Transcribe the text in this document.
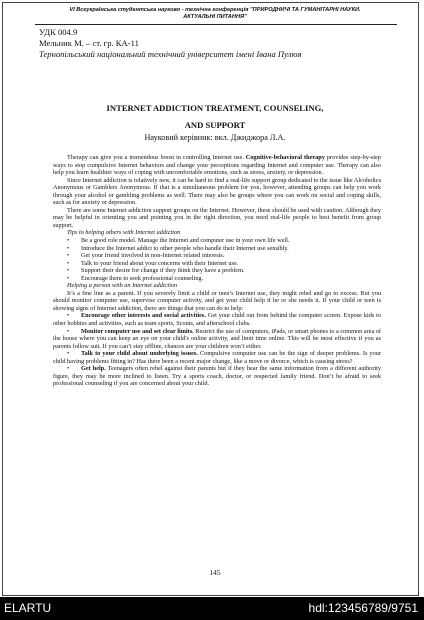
VI Всеукраїнська студентська науково - технічна конференція "ПРИРОДНИЧІ ТА ГУМАНІТАРНІ НАУКИ.
АКТУАЛЬНІ ПИТАННЯ"
УДК 004.9
Мельник М. – ст. гр. КА-11
Тернопільський національний технічний університет імені Івана Пулюя
INTERNET ADDICTION TREATMENT, COUNSELING,
AND SUPPORT
Науковий керівник: вкл. Джиджора Л.А.

Therapy can give you a tremendous boost in controlling Internet use. Cognitive-behavioral therapy provides step-by-step ways to stop compulsive Internet behaviors and change your perceptions regarding Internet and computer use. Therapy can also help you learn healthier ways of coping with uncomfortable emotions, such as stress, anxiety, or depression.

Since Internet addiction is relatively new, it can be hard to find a real-life support group dedicated to the issue like Alcoholics Anonymous or Gamblers Anonymous. If that is a simultaneous problem for you, however, attending groups can help you work through your alcohol or gambling problems as well. There may also be groups where you can work on social and coping skills, such as for anxiety or depression.

There are some Internet addiction support groups on the Internet. However, these should be used with caution. Although they may be helpful in orienting you and pointing you in the right direction, you need real-life people to best benefit from group support.

Tips to helping others with Internet addiction
• Be a good role model. Manage the Internet and computer use in your own life well.
• Introduce the Internet addict to other people who handle their Internet use sensibly.
• Get your friend involved in non-Internet related interests.
• Talk to your friend about your concerns with their Internet use.
• Support their desire for change if they think they have a problem.
• Encourage them to seek professional counseling.
Helping a person with an Internet addiction

It’s a fine line as a parent. If you severely limit a child or teen’s Internet use, they might rebel and go to excess. But you should monitor computer use, supervise computer activity, and get your child help if he or she needs it. If your child or teen is showing signs of Internet addiction, there are things that you can do to help:

• Encourage other interests and social activities. Get your child out from behind the computer screen. Expose kids to other hobbies and activities, such as team sports, Scouts, and afterschool clubs.
• Monitor computer use and set clear limits. Restrict the use of computers, iPads, or smart phones to a common area of the house where you can keep an eye on your child's online activity, and limit time online. This will be most effective if you as parents follow suit. If you can’t stay offline, chances are your children won’t either.
• Talk to your child about underlying issues. Compulsive computer use can be the sign of deeper problems. Is your child having problems fitting in? Has there been a recent major change, like a move or divorce, which is causing stress?
• Get help. Teenagers often rebel against their parents but if they hear the same information from a different authority figure, they may be more inclined to listen. Try a sports coach, doctor, or respected family friend. Don’t be afraid to seek professional counseling if you are concerned about your child.
145
ELARTU	hdl:123456789/9751
